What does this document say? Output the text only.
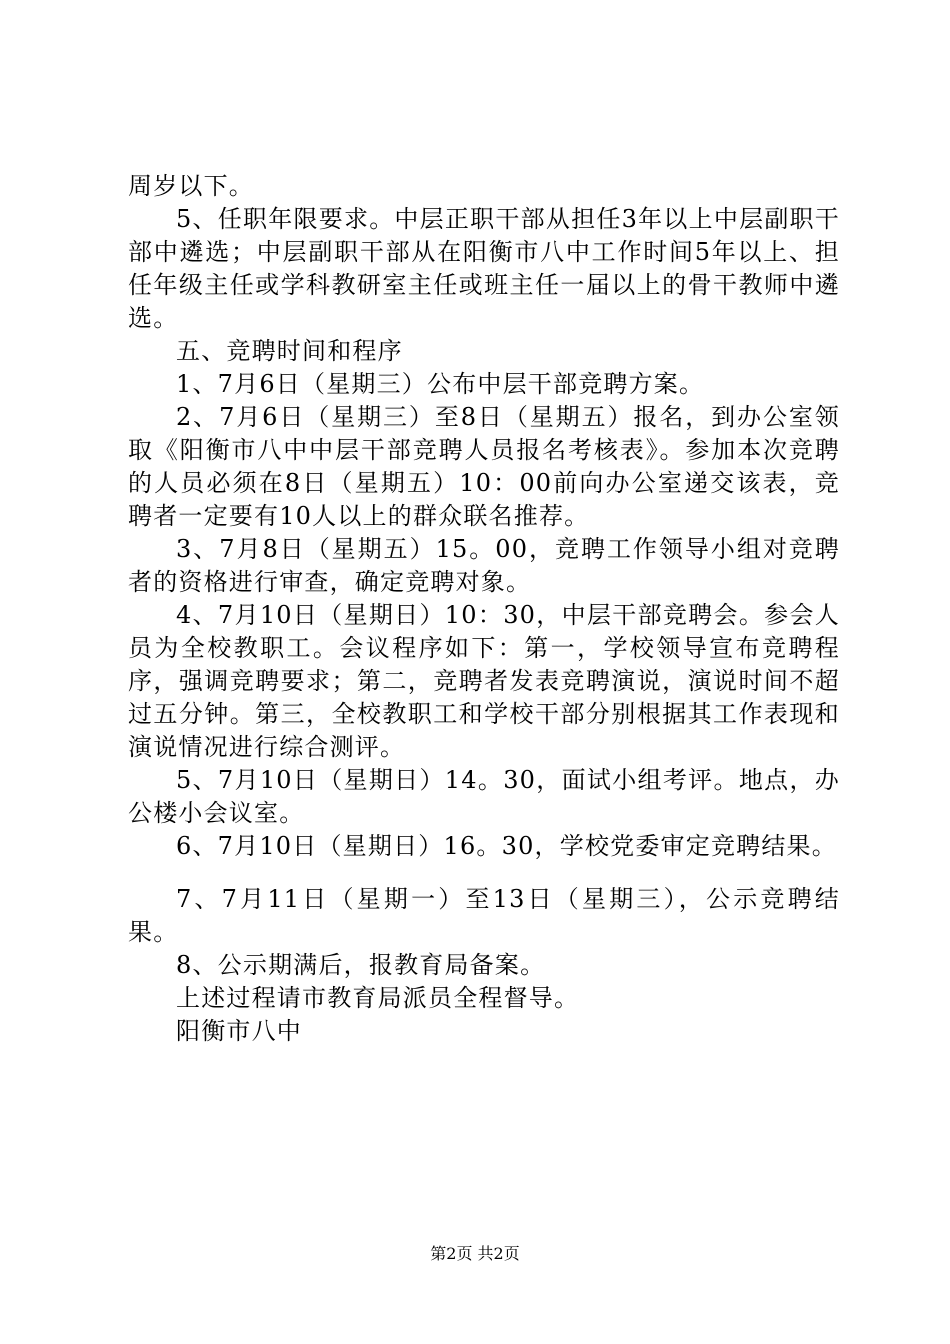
周岁以下。

5、任职年限要求。中层正职干部从担任3年以上中层副职干部中遴选；中层副职干部从在阳衡市八中工作时间5年以上、担任年级主任或学科教研室主任或班主任一届以上的骨干教师中遴选。

五、竞聘时间和程序

1、7月6日（星期三）公布中层干部竞聘方案。

2、7月6日（星期三）至8日（星期五）报名，到办公室领取《阳衡市八中中层干部竞聘人员报名考核表》。参加本次竞聘的人员必须在8日（星期五）10：00前向办公室递交该表，竞聘者一定要有10人以上的群众联名推荐。

3、7月8日（星期五）15。00，竞聘工作领导小组对竞聘者的资格进行审查，确定竞聘对象。

4、7月10日（星期日）10：30，中层干部竞聘会。参会人员为全校教职工。会议程序如下：第一，学校领导宣布竞聘程序，强调竞聘要求；第二，竞聘者发表竞聘演说，演说时间不超过五分钟。第三，全校教职工和学校干部分别根据其工作表现和演说情况进行综合测评。

5、7月10日（星期日）14。30，面试小组考评。地点，办公楼小会议室。

6、7月10日（星期日）16。30，学校党委审定竞聘结果。

7、7月11日（星期一）至13日（星期三），公示竞聘结果。

8、公示期满后，报教育局备案。

上述过程请市教育局派员全程督导。

阳衡市八中

第2页 共2页
